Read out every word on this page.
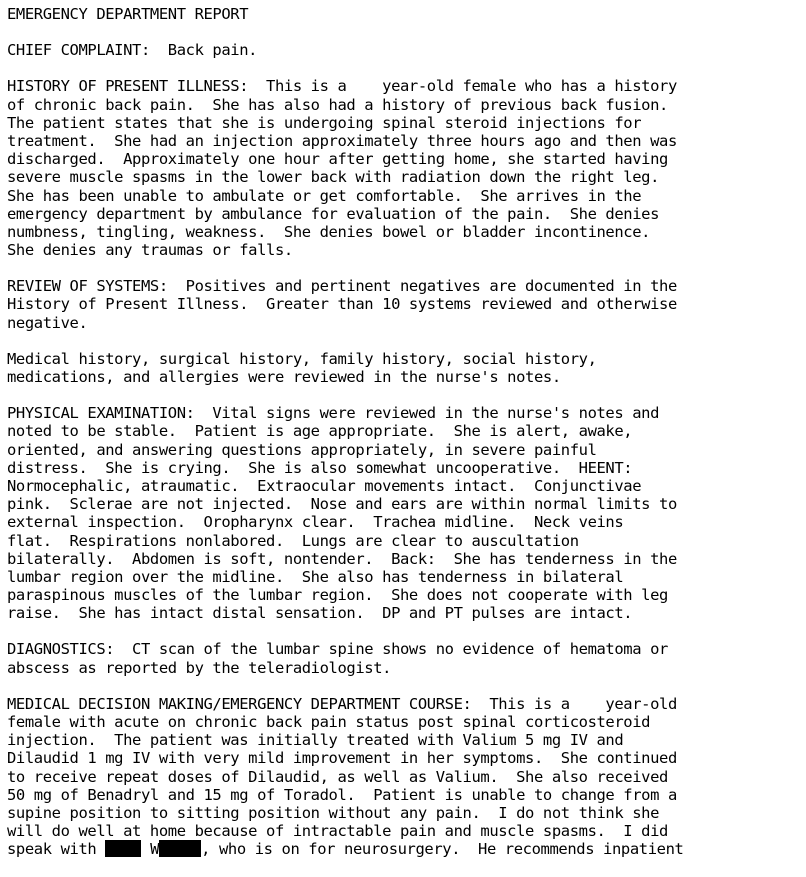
EMERGENCY DEPARTMENT REPORT
CHIEF COMPLAINT:  Back pain.
HISTORY OF PRESENT ILLNESS:  This is a    year-old female who has a history
of chronic back pain.  She has also had a history of previous back fusion.
The patient states that she is undergoing spinal steroid injections for
treatment.  She had an injection approximately three hours ago and then was
discharged.  Approximately one hour after getting home, she started having
severe muscle spasms in the lower back with radiation down the right leg.
She has been unable to ambulate or get comfortable.  She arrives in the
emergency department by ambulance for evaluation of the pain.  She denies
numbness, tingling, weakness.  She denies bowel or bladder incontinence.
She denies any traumas or falls.
REVIEW OF SYSTEMS:  Positives and pertinent negatives are documented in the
History of Present Illness.  Greater than 10 systems reviewed and otherwise
negative.
Medical history, surgical history, family history, social history,
medications, and allergies were reviewed in the nurse's notes.
PHYSICAL EXAMINATION:  Vital signs were reviewed in the nurse's notes and
noted to be stable.  Patient is age appropriate.  She is alert, awake,
oriented, and answering questions appropriately, in severe painful
distress.  She is crying.  She is also somewhat uncooperative.  HEENT:
Normocephalic, atraumatic.  Extraocular movements intact.  Conjunctivae
pink.  Sclerae are not injected.  Nose and ears are within normal limits to
external inspection.  Oropharynx clear.  Trachea midline.  Neck veins
flat.  Respirations nonlabored.  Lungs are clear to auscultation
bilaterally.  Abdomen is soft, nontender.  Back:  She has tenderness in the
lumbar region over the midline.  She also has tenderness in bilateral
paraspinous muscles of the lumbar region.  She does not cooperate with leg
raise.  She has intact distal sensation.  DP and PT pulses are intact.
DIAGNOSTICS:  CT scan of the lumbar spine shows no evidence of hematoma or
abscess as reported by the teleradiologist.
MEDICAL DECISION MAKING/EMERGENCY DEPARTMENT COURSE:  This is a    year-old
female with acute on chronic back pain status post spinal corticosteroid
injection.  The patient was initially treated with Valium 5 mg IV and
Dilaudid 1 mg IV with very mild improvement in her symptoms.  She continued
to receive repeat doses of Dilaudid, as well as Valium.  She also received
50 mg of Benadryl and 15 mg of Toradol.  Patient is unable to change from a
supine position to sitting position without any pain.  I do not think she
will do well at home because of intractable pain and muscle spasms.  I did
speak with  W	, who is on for neurosurgery.  He recommends inpatient
